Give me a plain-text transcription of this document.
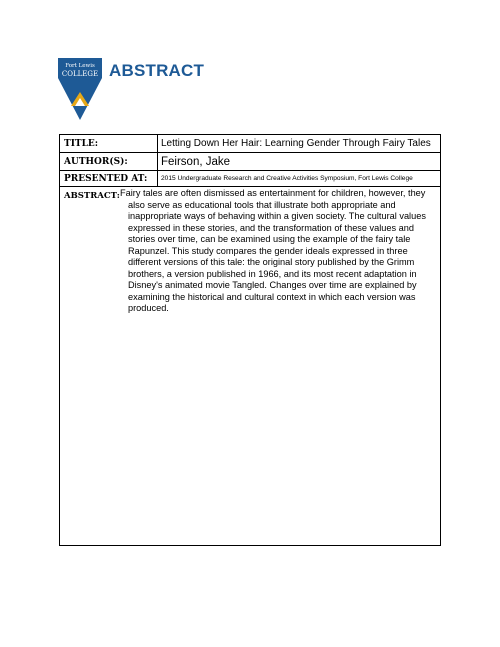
Fort Lewis
COLLEGE ABSTRACT
TITLE:	Letting Down Her Hair: Learning Gender Through Fairy Tales
AUTHOR(S):	Feirson, Jake
PRESENTED AT: 2015 Undergraduate Research and Creative Activities Symposium, Fort Lewis College
ABSTRACT: Fairy tales are often dismissed as entertainment for children, however, they also serve as educational tools that illustrate both appropriate and inappropriate ways of behaving within a given society. The cultural values expressed in these stories, and the transformation of these values and stories over time, can be examined using the example of the fairy tale Rapunzel. This study compares the gender ideals expressed in three different versions of this tale: the original story published by the Grimm brothers, a version published in 1966, and its most recent adaptation in Disney's animated movie Tangled. Changes over time are explained by examining the historical and cultural context in which each version was produced.
